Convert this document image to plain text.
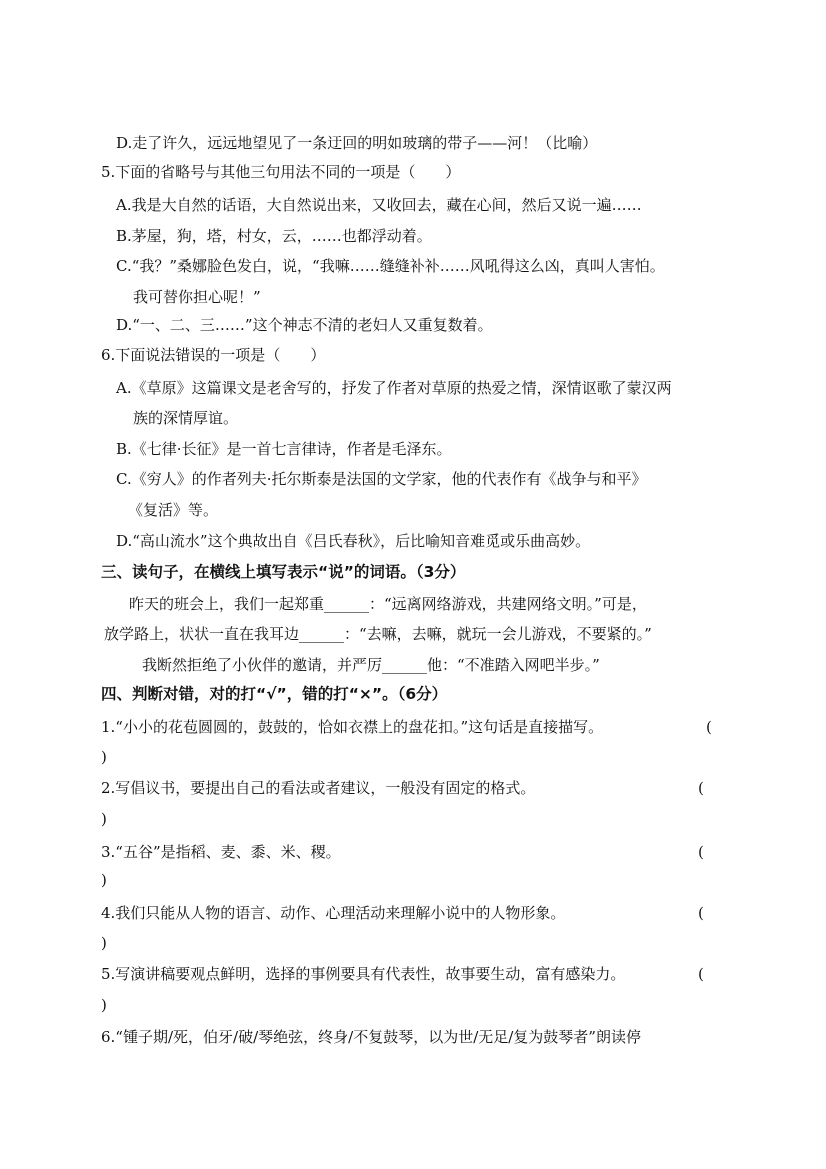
D.走了许久，远远地望见了一条迂回的明如玻璃的带子——河！（比喻）
5.下面的省略号与其他三句用法不同的一项是（　　）
A.我是大自然的话语，大自然说出来，又收回去，藏在心间，然后又说一遍……
B.茅屋，狗，塔，村女，云，……也都浮动着。
C.“我？”桑娜脸色发白，说，“我嘛……缝缝补补……风吼得这么凶，真叫人害怕。
我可替你担心呢！”
D.“一、二、三……”这个神志不清的老妇人又重复数着。
6.下面说法错误的一项是（　　）
A.《草原》这篇课文是老舍写的，抒发了作者对草原的热爱之情，深情讴歌了蒙汉两
族的深情厚谊。
B.《七律·长征》是一首七言律诗，作者是毛泽东。
C.《穷人》的作者列夫·托尔斯泰是法国的文学家，他的代表作有《战争与和平》
《复活》等。
D.“高山流水”这个典故出自《吕氏春秋》，后比喻知音难觅或乐曲高妙。
三、读句子，在横线上填写表示“说”的词语。（3分）
昨天的班会上，我们一起郑重______：“远离网络游戏，共建网络文明。”可是，
放学路上，状状一直在我耳边______：“去嘛，去嘛，就玩一会儿游戏，不要紧的。”
我断然拒绝了小伙伴的邀请，并严厉______他：“不准踏入网吧半步。”
四、判断对错，对的打“√”，错的打“×”。（6分）
1.“小小的花苞圆圆的，鼓鼓的，恰如衣襟上的盘花扣。”这句话是直接描写。	(
)
2.写倡议书，要提出自己的看法或者建议，一般没有固定的格式。	(
)
3.“五谷”是指稻、麦、黍、米、稷。	(
)
4.我们只能从人物的语言、动作、心理活动来理解小说中的人物形象。	(
)
5.写演讲稿要观点鲜明，选择的事例要具有代表性，故事要生动，富有感染力。	(
)
6.“锺子期/死，伯牙/破/琴绝弦，终身/不复鼓琴，以为世/无足/复为鼓琴者”朗读停
